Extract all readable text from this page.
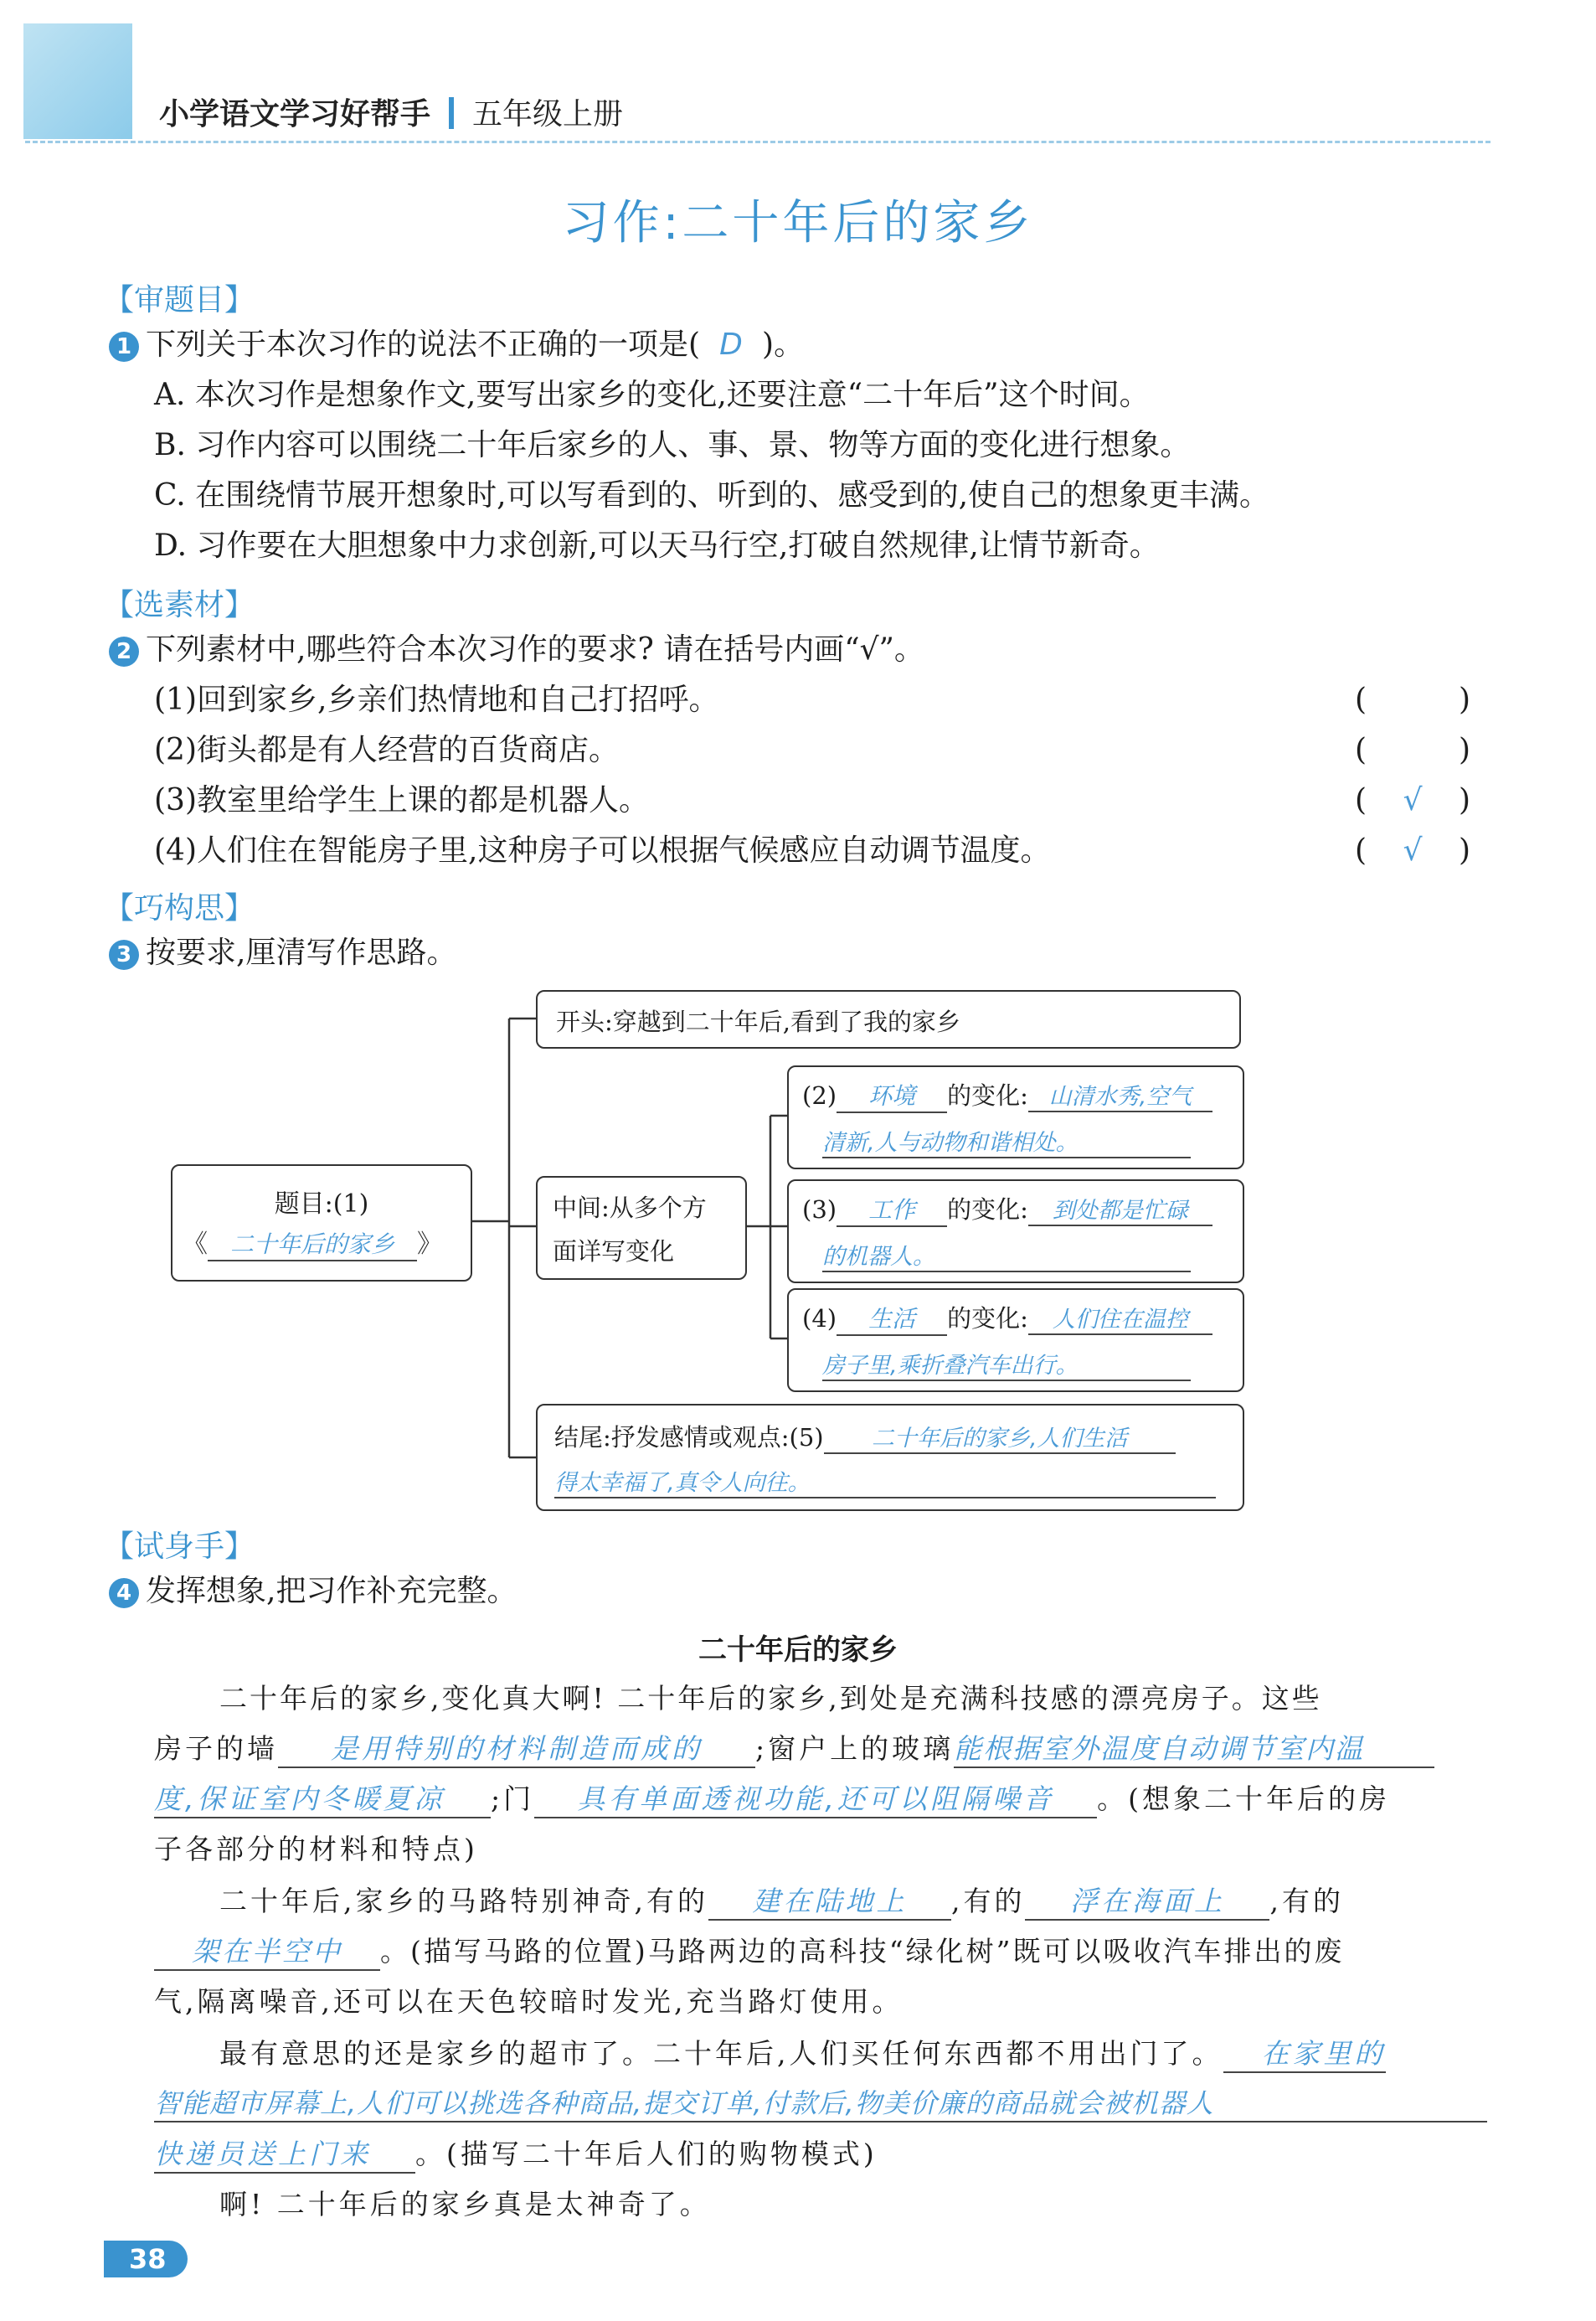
小学语文学习好帮手 五年级上册
习作:二十年后的家乡
【审题目】
1 下列关于本次习作的说法不正确的一项是( D )。
A. 本次习作是想象作文,要写出家乡的变化,还要注意“二十年后”这个时间。
B. 习作内容可以围绕二十年后家乡的人、事、景、物等方面的变化进行想象。
C. 在围绕情节展开想象时,可以写看到的、听到的、感受到的,使自己的想象更丰满。
D. 习作要在大胆想象中力求创新,可以天马行空,打破自然规律,让情节新奇。
【选素材】
2 下列素材中,哪些符合本次习作的要求? 请在括号内画“√”。
(1)回到家乡,乡亲们热情地和自己打招呼。	(	)
(2)街头都是有人经营的百货商店。	(	)
(3)教室里给学生上课的都是机器人。	( √ )
(4)人们住在智能房子里,这种房子可以根据气候感应自动调节温度。	( √ )
【巧构思】
3 按要求,厘清写作思路。
题目:(1)
《 二十年后的家乡 》
开头:穿越到二十年后,看到了我的家乡
中间:从多个方
面详写变化
(2) 环境 的变化: 山清水秀,空气
清新,人与动物和谐相处。
(3) 工作 的变化: 到处都是忙碌
的机器人。
(4) 生活 的变化: 人们住在温控
房子里,乘折叠汽车出行。
结尾:抒发感情或观点:(5) 二十年后的家乡,人们生活
得太幸福了,真令人向往。
【试身手】
4 发挥想象,把习作补充完整。
二十年后的家乡
二十年后的家乡,变化真大啊! 二十年后的家乡,到处是充满科技感的漂亮房子。这些
房子的墙 是用特别的材料制造而成的 ;窗户上的玻璃能根据室外温度自动调节室内温
度,保证室内冬暖夏凉 ;门 具有单面透视功能,还可以阻隔噪音 。(想象二十年后的房
子各部分的材料和特点)
二十年后,家乡的马路特别神奇,有的 建在陆地上 ,有的 浮在海面上 ,有的
架在半空中 。(描写马路的位置)马路两边的高科技“绿化树”既可以吸收汽车排出的废
气,隔离噪音,还可以在天色较暗时发光,充当路灯使用。
最有意思的还是家乡的超市了。二十年后,人们买任何东西都不用出门了。 在家里的
智能超市屏幕上,人们可以挑选各种商品,提交订单,付款后,物美价廉的商品就会被机器人
快递员送上门来 。(描写二十年后人们的购物模式)
啊! 二十年后的家乡真是太神奇了。
38
